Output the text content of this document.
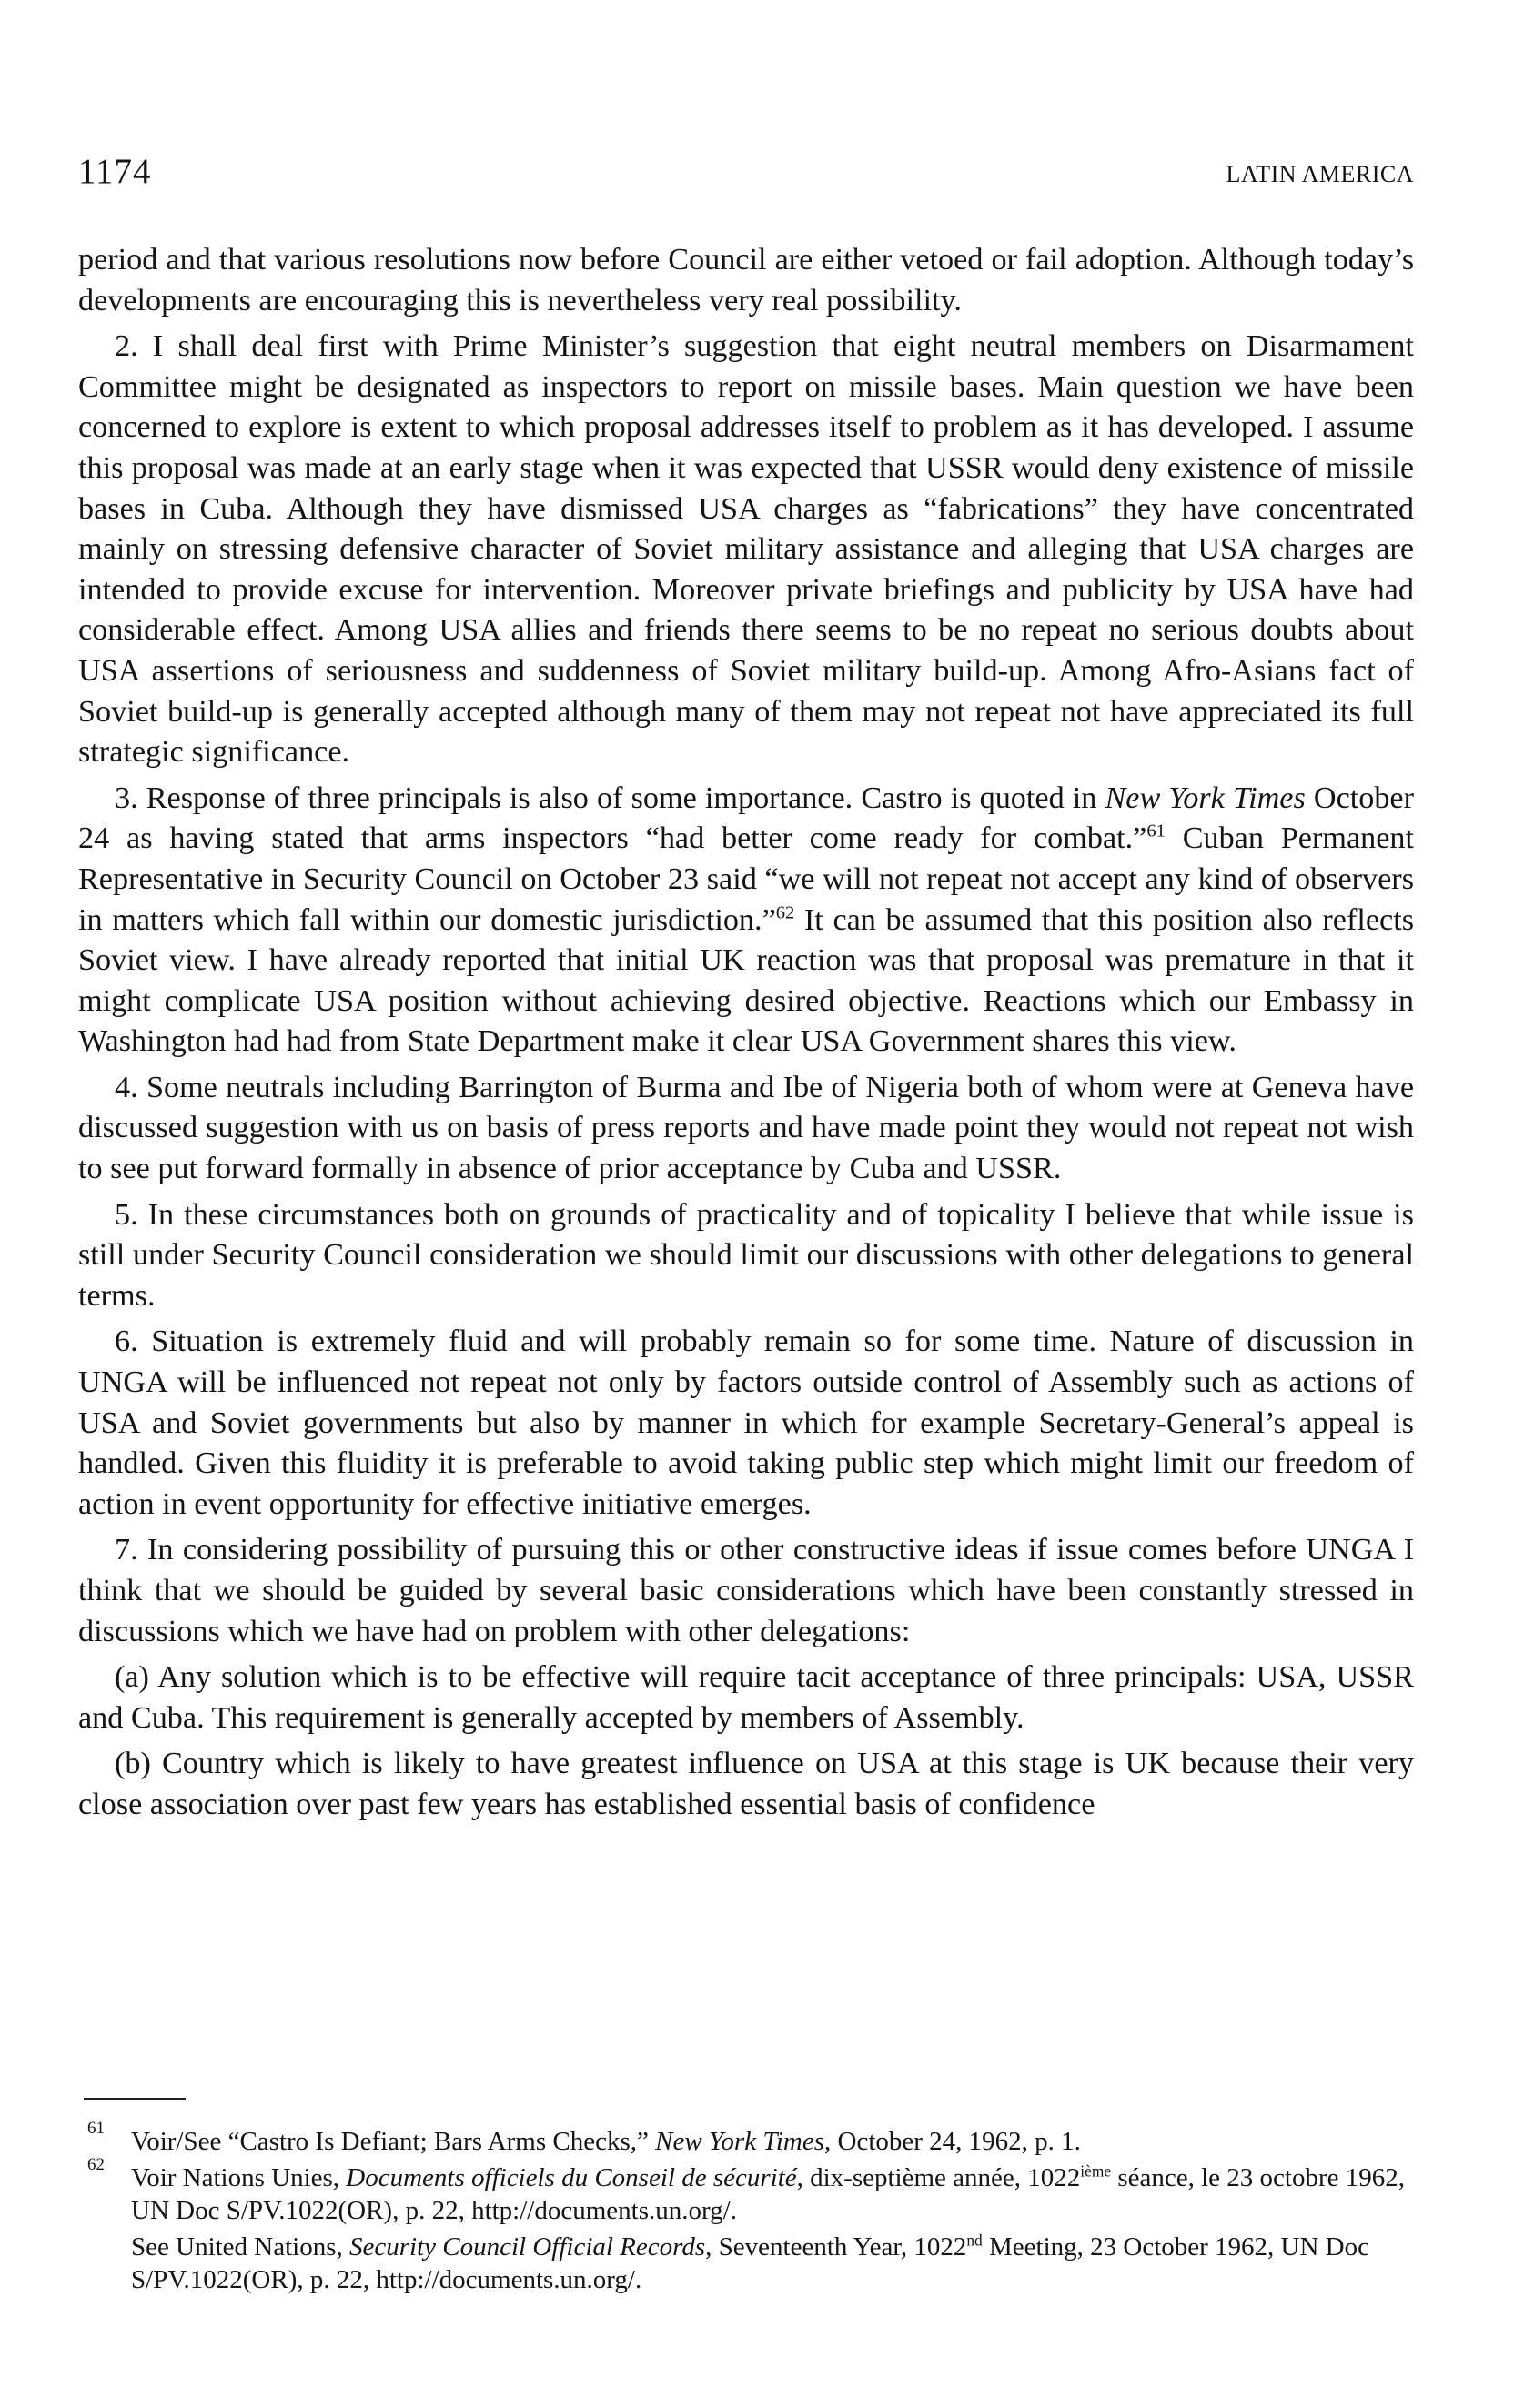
1174	LATIN AMERICA

period and that various resolutions now before Council are either vetoed or fail adoption. Although today’s developments are encouraging this is nevertheless very real possibility.

2. I shall deal first with Prime Minister’s suggestion that eight neutral members on Disarmament Committee might be designated as inspectors to report on missile bases. Main question we have been concerned to explore is extent to which proposal addresses itself to problem as it has developed. I assume this proposal was made at an early stage when it was expected that USSR would deny existence of missile bases in Cuba. Although they have dismissed USA charges as “fabrications” they have concentrated mainly on stressing defensive character of Soviet military assistance and alleging that USA charges are intended to provide excuse for intervention. Moreover private briefings and publicity by USA have had considerable effect. Among USA allies and friends there seems to be no repeat no serious doubts about USA assertions of seriousness and suddenness of Soviet military build-up. Among Afro-Asians fact of Soviet build-up is generally accepted although many of them may not repeat not have appreciated its full strategic significance.

3. Response of three principals is also of some importance. Castro is quoted in New York Times October 24 as having stated that arms inspectors “had better come ready for combat.”$^{61}$ Cuban Permanent Representative in Security Council on October 23 said “we will not repeat not accept any kind of observers in matters which fall within our domestic jurisdiction.”$^{62}$ It can be assumed that this position also reflects Soviet view. I have already reported that initial UK reaction was that proposal was premature in that it might complicate USA position without achieving desired objective. Reactions which our Embassy in Washington had had from State Department make it clear USA Government shares this view.

4. Some neutrals including Barrington of Burma and Ibe of Nigeria both of whom were at Geneva have discussed suggestion with us on basis of press reports and have made point they would not repeat not wish to see put forward formally in absence of prior acceptance by Cuba and USSR.

5. In these circumstances both on grounds of practicality and of topicality I believe that while issue is still under Security Council consideration we should limit our discussions with other delegations to general terms.

6. Situation is extremely fluid and will probably remain so for some time. Nature of discussion in UNGA will be influenced not repeat not only by factors outside control of Assembly such as actions of USA and Soviet governments but also by manner in which for example Secretary-General’s appeal is handled. Given this fluidity it is preferable to avoid taking public step which might limit our freedom of action in event opportunity for effective initiative emerges.

7. In considering possibility of pursuing this or other constructive ideas if issue comes before UNGA I think that we should be guided by several basic considerations which have been constantly stressed in discussions which we have had on problem with other delegations:

(a) Any solution which is to be effective will require tacit acceptance of three principals: USA, USSR and Cuba. This requirement is generally accepted by members of Assembly.

(b) Country which is likely to have greatest influence on USA at this stage is UK because their very close association over past few years has established essential basis of confidence

61 Voir/See “Castro Is Defiant; Bars Arms Checks,” New York Times, October 24, 1962, p. 1.
62 Voir Nations Unies, Documents officiels du Conseil de sécurité, dix-septième année, 1022ième séance, le 23 octobre 1962, UN Doc S/PV.1022(OR), p. 22, http://documents.un.org/.
See United Nations, Security Council Official Records, Seventeenth Year, 1022nd Meeting, 23 October 1962, UN Doc S/PV.1022(OR), p. 22, http://documents.un.org/.
